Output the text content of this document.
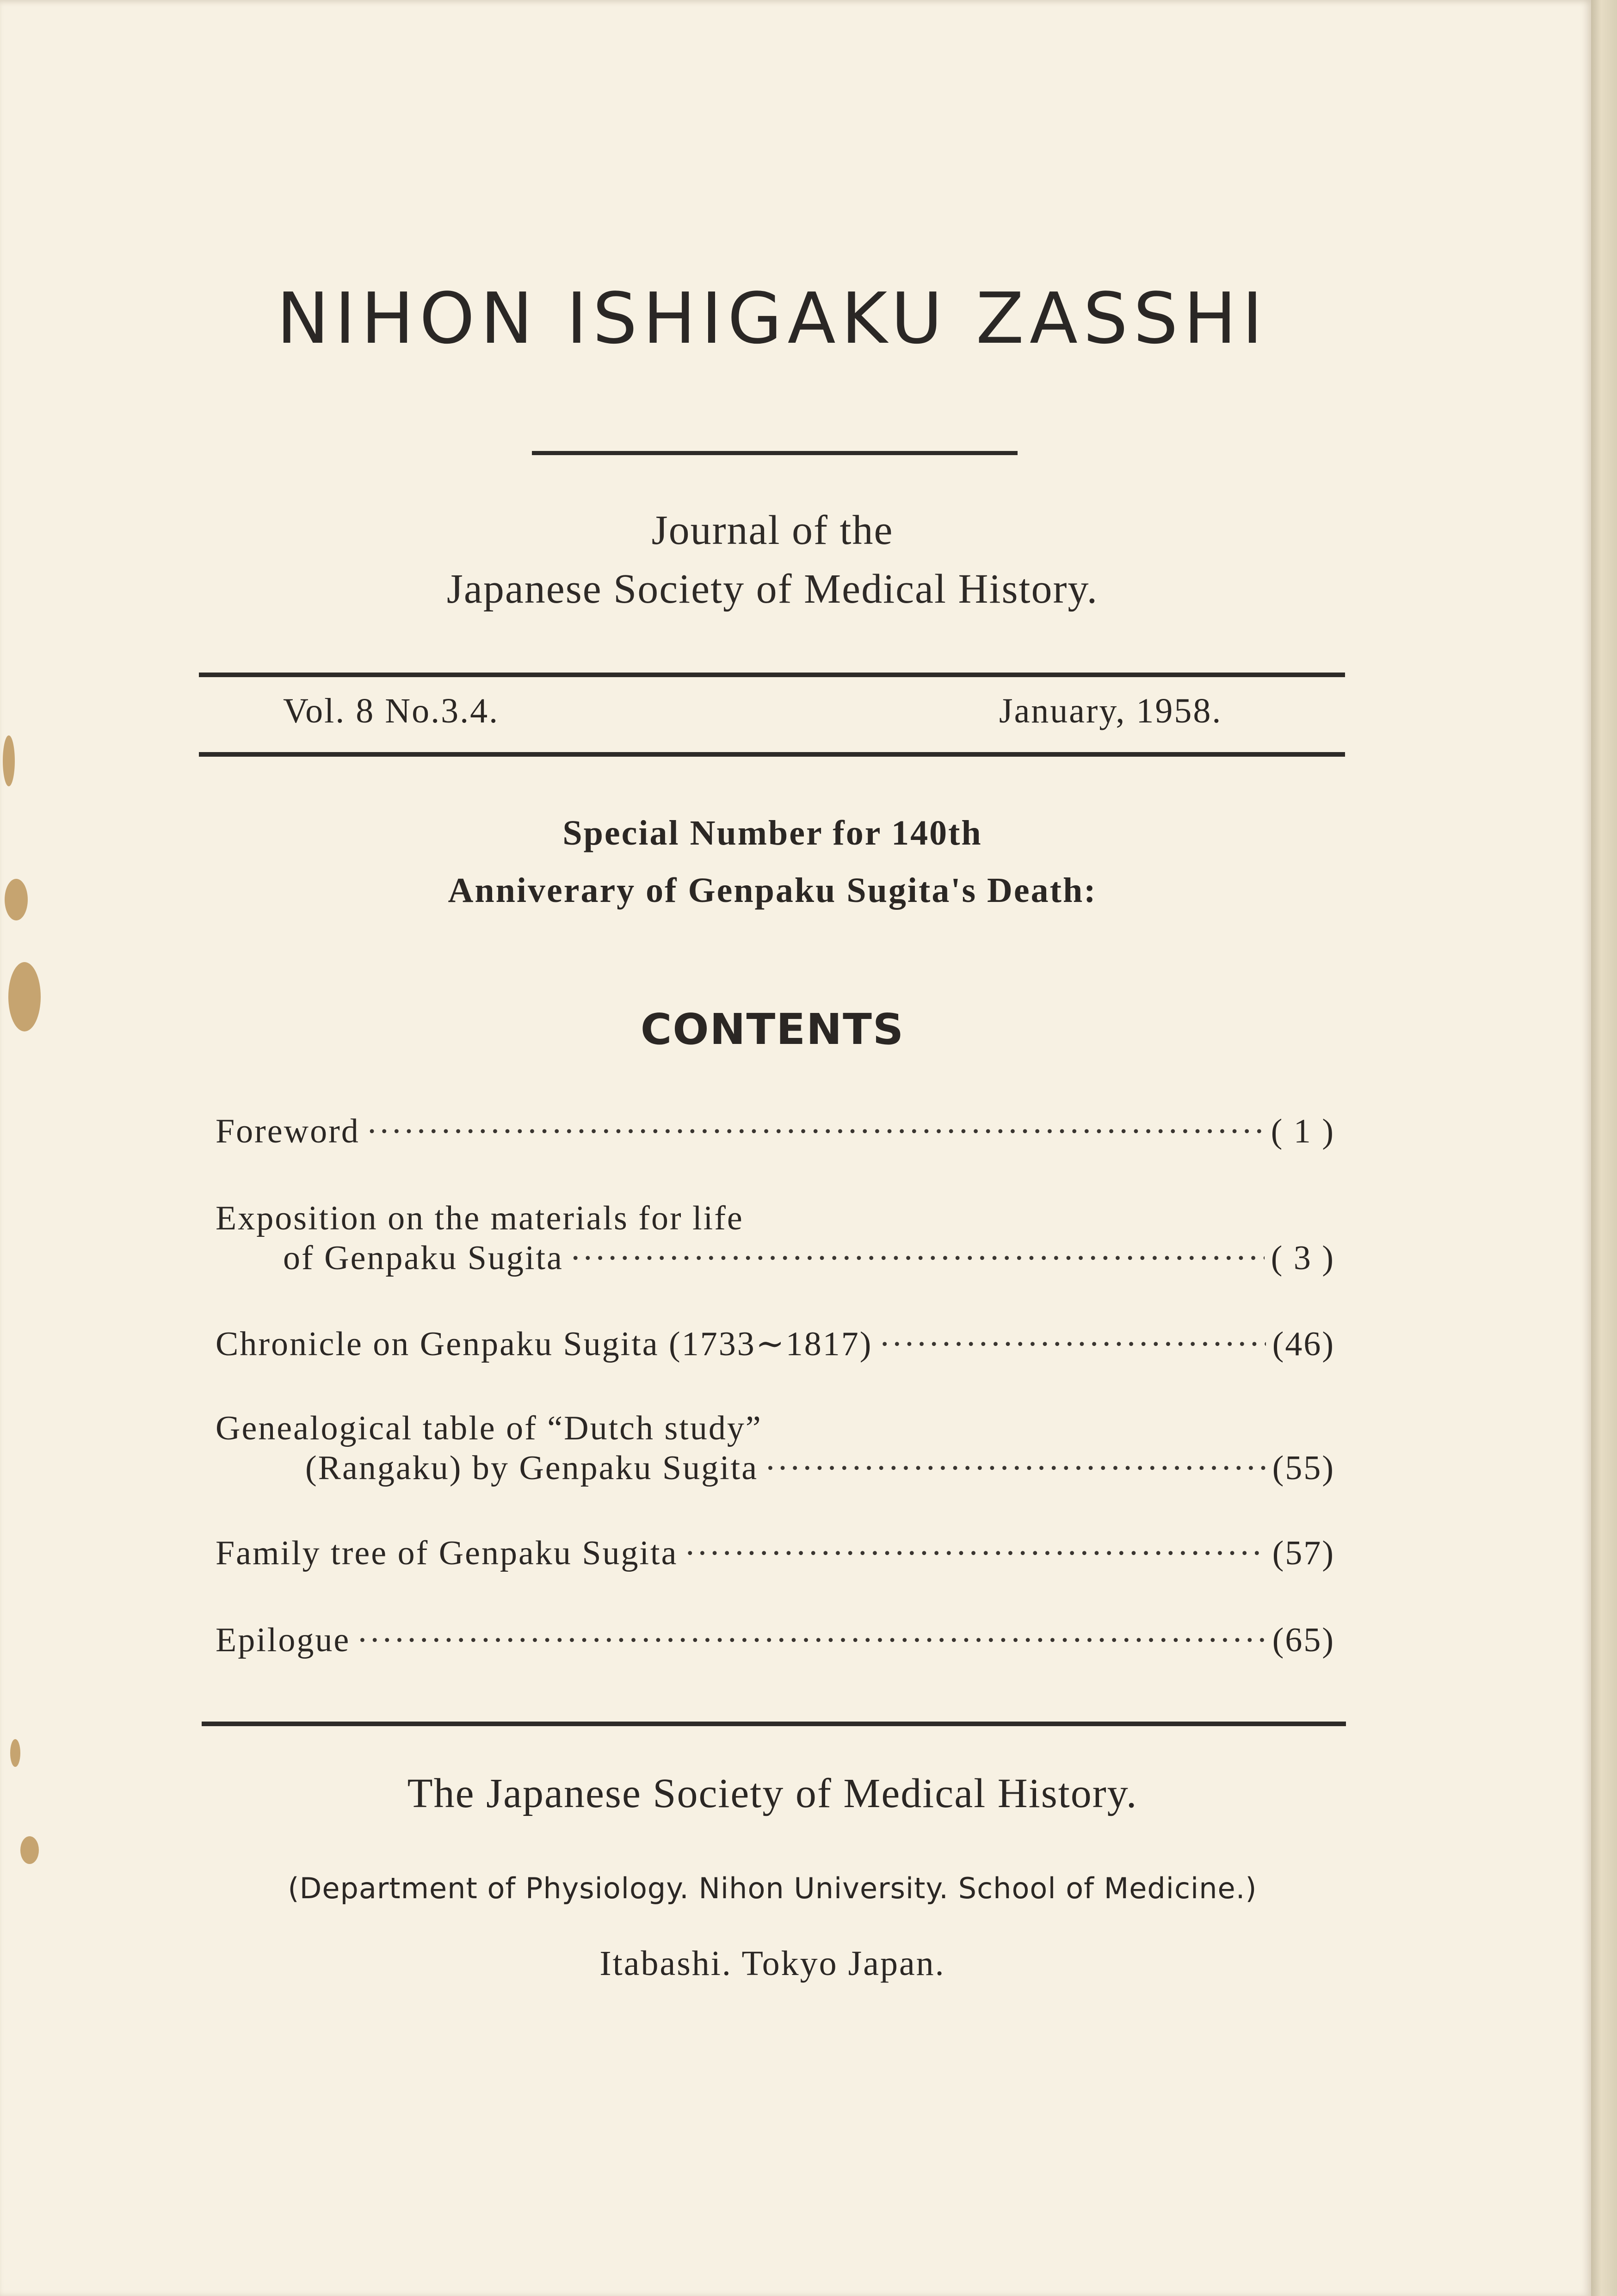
NIHON ISHIGAKU ZASSHI
Journal of the
Japanese Society of Medical History.
Vol. 8 No.3.4.	January, 1958.
Special Number for 140th
Anniverary of Genpaku Sugita's Death:
CONTENTS
Foreword ·····	( 1 )
Exposition on the materials for life
of Genpaku Sugita ·····	( 3 )
Chronicle on Genpaku Sugita (1733∼1817) ·····	(46)
Genealogical table of “Dutch study”
(Rangaku) by Genpaku Sugita ·····	(55)
Family tree of Genpaku Sugita ·····	(57)
Epilogue ·····	(65)
The Japanese Society of Medical History.
(Department of Physiology. Nihon University. School of Medicine.)
Itabashi. Tokyo Japan.
